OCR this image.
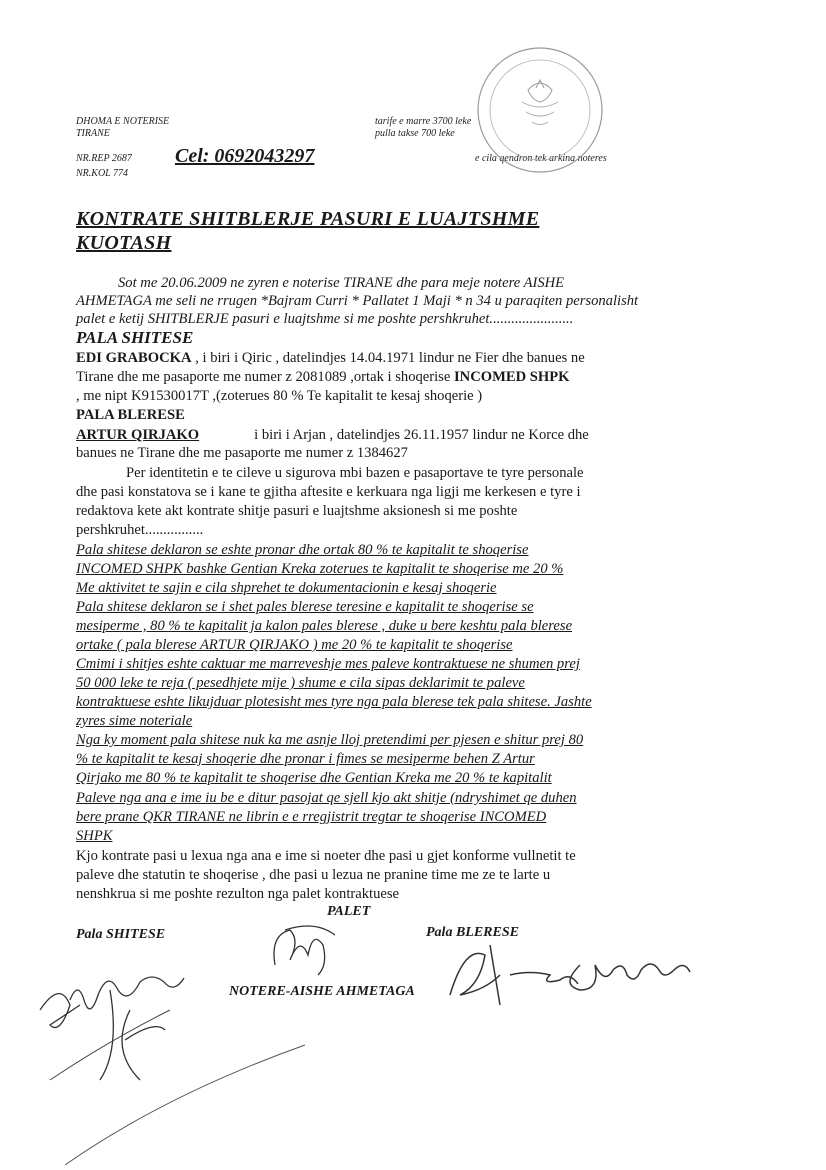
DHOMA E NOTERISE
TIRANE
NR.REP 2687
NR.KOL 774
Cel: 0692043297
tarife e marre 3700 leke
pulla takse 700 leke
e cila qendron tek arkina noteres
KONTRATE SHITBLERJE PASURI E LUAJTSHME
KUOTASH
Sot me 20.06.2009 ne zyren e noterise TIRANE dhe para meje notere AISHE
AHMETAGA me seli ne rrugen *Bajram Curri * Pallatet 1 Maji * n 34 u paraqiten personalisht
palet e ketij SHITBLERJE pasuri e luajtshme si me poshte pershkruhet.......................
PALA SHITESE
EDI GRABOCKA , i biri i Qiric , datelindjes 14.04.1971 lindur ne Fier dhe banues ne
Tirane dhe me pasaporte me numer z 2081089 ,ortak i shoqerise INCOMED SHPK
, me nipt K91530017T ,(zoterues 80 % Te kapitalit te kesaj shoqerie )
PALA BLERESE
ARTUR QIRJAKO	i biri i Arjan , datelindjes 26.11.1957 lindur ne Korce dhe
banues ne Tirane dhe me pasaporte me numer z 1384627
Per identitetin e te cileve u sigurova mbi bazen e pasaportave te tyre personale
dhe pasi konstatova se i kane te gjitha aftesite e kerkuara nga ligji me kerkesen e tyre i
redaktova kete akt kontrate shitje pasuri e luajtshme aksionesh si me poshte
pershkruhet................
Pala shitese deklaron se eshte pronar dhe ortak 80 % te kapitalit te shoqerise
INCOMED SHPK bashke Gentian Kreka zoterues te kapitalit te shoqerise me 20 %
Me aktivitet te sajin e cila shprehet te dokumentacionin e kesaj shoqerie
Pala shitese deklaron se i shet pales blerese teresine e kapitalit te shoqerise se
mesiperme , 80 % te kapitalit ja kalon pales blerese , duke u bere keshtu pala blerese
ortake ( pala blerese ARTUR QIRJAKO ) me 20 % te kapitalit te shoqerise
Cmimi i shitjes eshte caktuar me marreveshje mes paleve kontraktuese ne shumen prej
50 000 leke te reja ( pesedhjete mije ) shume e cila sipas deklarimit te paleve
kontraktuese eshte likujduar plotesisht mes tyre nga pala blerese tek pala shitese. Jashte
zyres sime noteriale
Nga ky moment pala shitese nuk ka me asnje lloj pretendimi per pjesen e shitur prej 80
% te kapitalit te kesaj shoqerie dhe pronar i fimes se mesiperme behen Z Artur
Qirjako me 80 % te kapitalit te shoqerise dhe Gentian Kreka me 20 % te kapitalit
Paleve nga ana e ime iu be e ditur pasojat qe sjell kjo akt shitje (ndryshimet qe duhen
bere prane QKR TIRANE ne librin e e rregjistrit tregtar te shoqerise INCOMED
SHPK
Kjo kontrate pasi u lexua nga ana e ime si noeter dhe pasi u gjet konforme vullnetit te
paleve dhe statutin te shoqerise , dhe pasi u lezua ne pranine time me ze te larte u
nenshkrua si me poshte rezulton nga palet kontraktuese
PALET
Pala SHITESE	Pala BLERESE
NOTERE-AISHE AHMETAGA
